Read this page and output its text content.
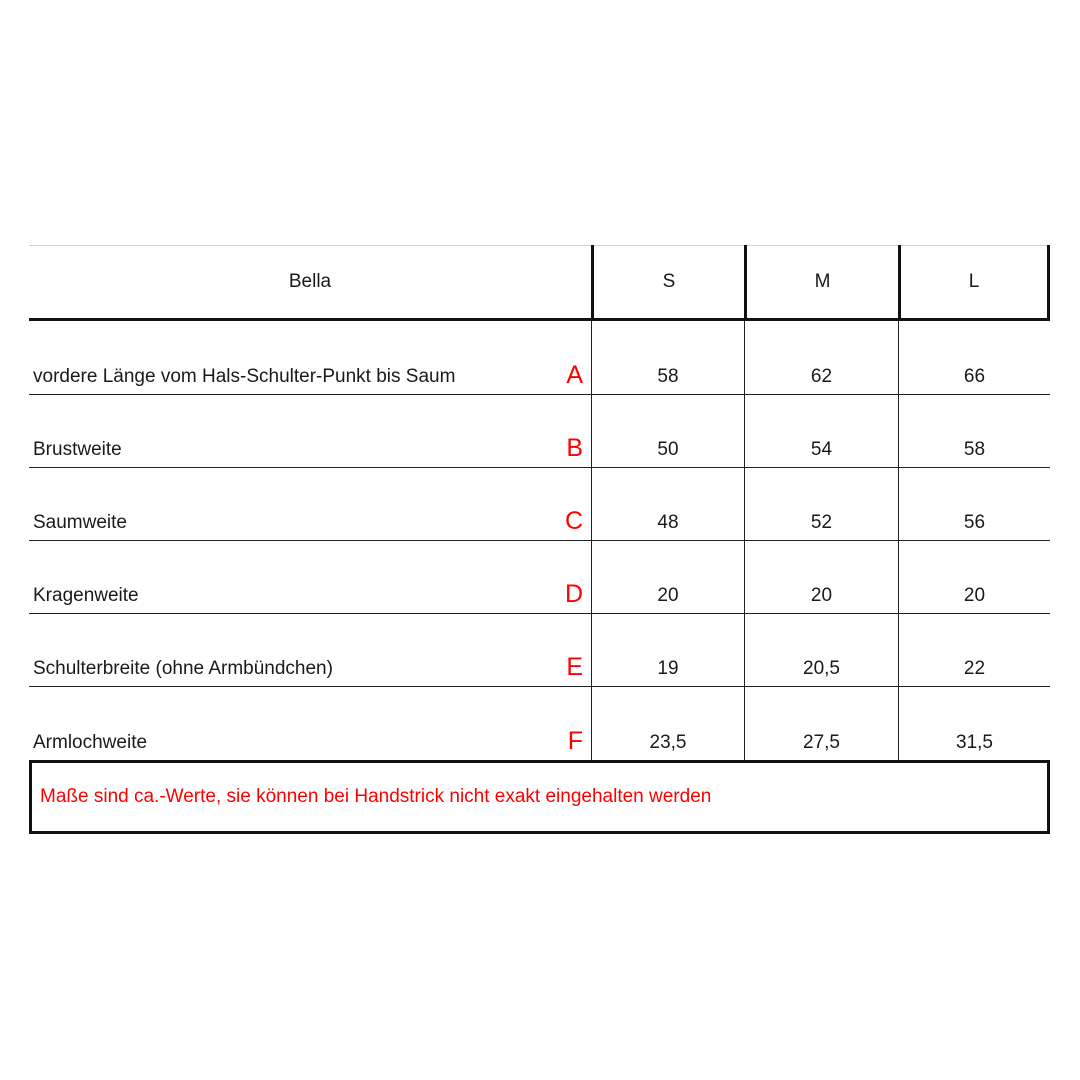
Bella	S	M	L
vordere Länge vom Hals-Schulter-Punkt bis Saum	A	58	62	66
Brustweite	B	50	54	58
Saumweite	C	48	52	56
Kragenweite	D	20	20	20
Schulterbreite (ohne Armbündchen)	E	19	20,5	22
Armlochweite	F	23,5	27,5	31,5
Maße sind ca.-Werte, sie können bei Handstrick nicht exakt eingehalten werden
